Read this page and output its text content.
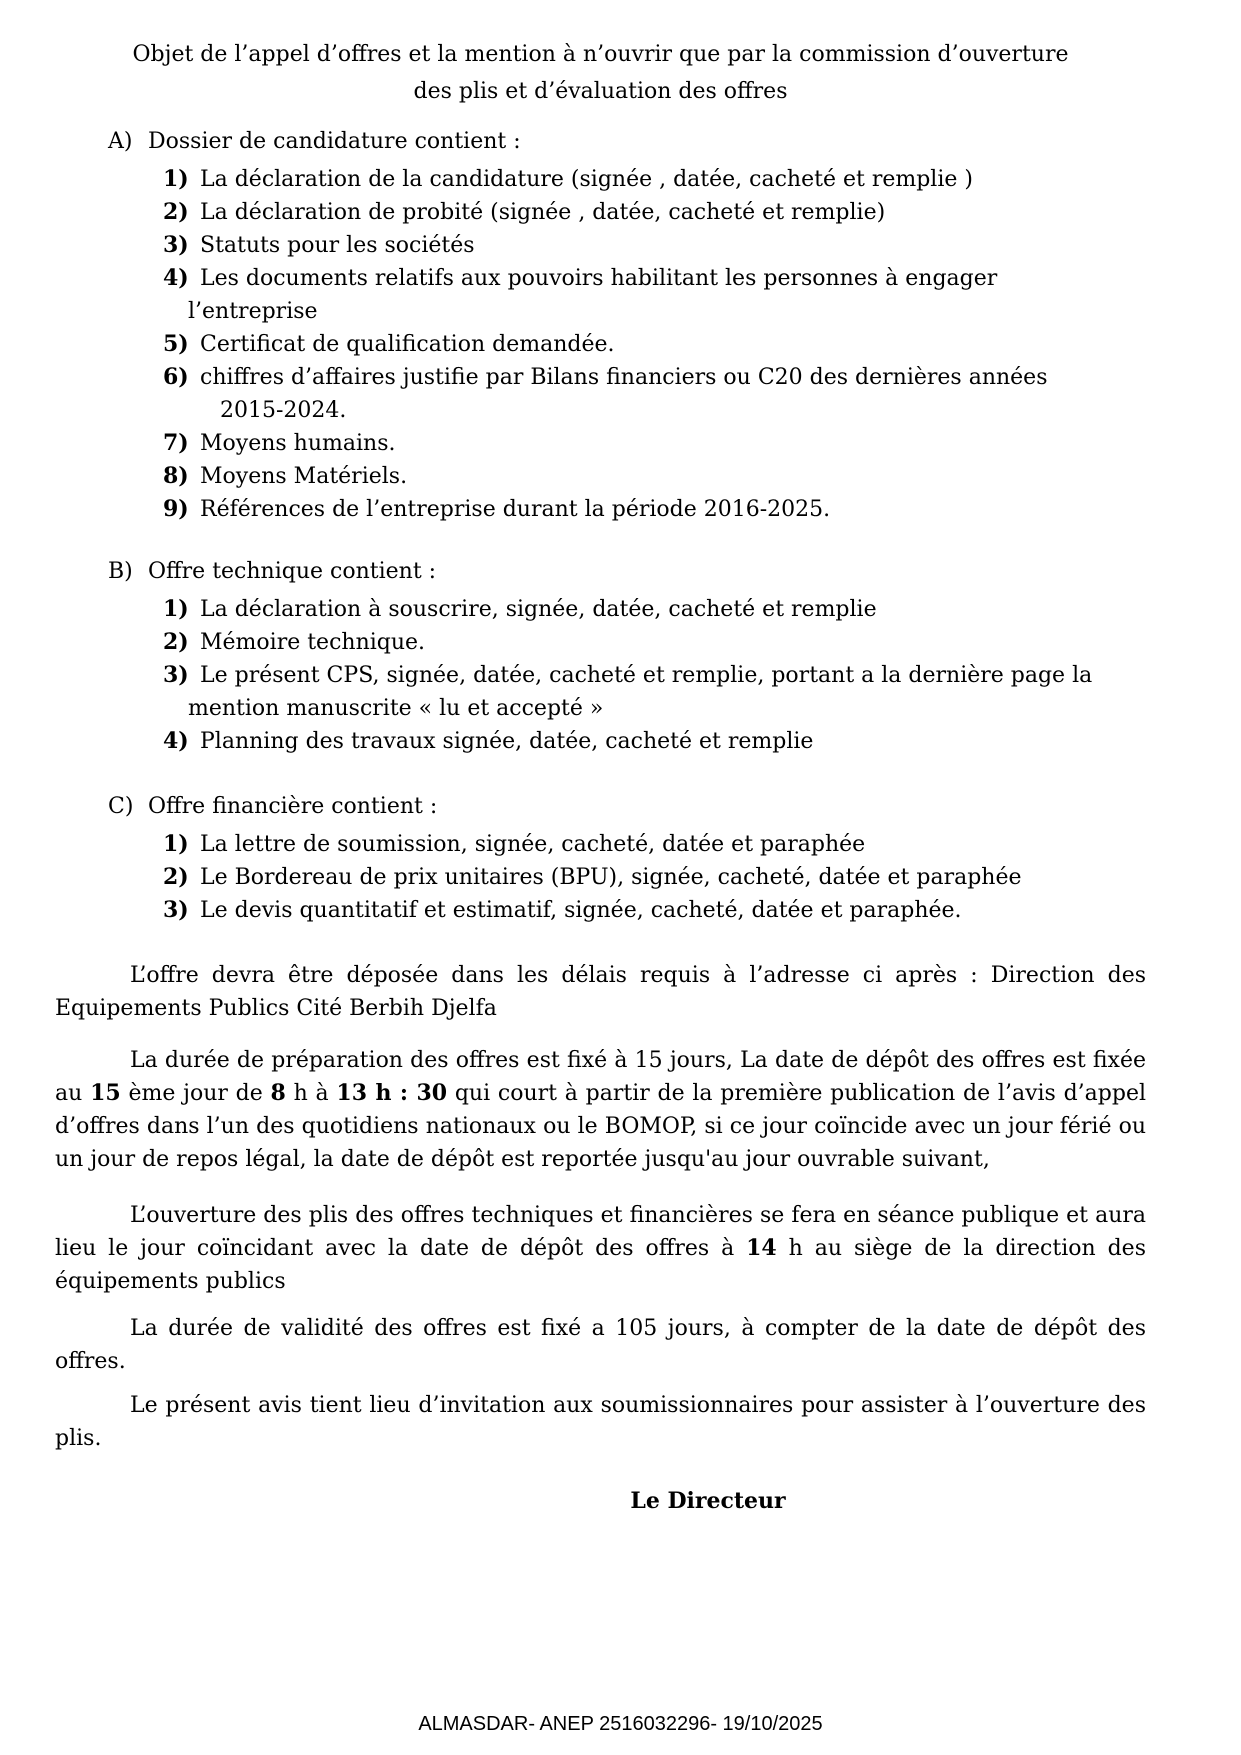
Objet de l’appel d’offres et la mention à n’ouvrir que par la commission d’ouverture
des plis et d’évaluation des offres
A) Dossier de candidature contient :
1) La déclaration de la candidature (signée , datée, cacheté et remplie )
2) La déclaration de probité (signée , datée, cacheté et remplie)
3) Statuts pour les sociétés
4) Les documents relatifs aux pouvoirs habilitant les personnes à engager
l’entreprise
5) Certificat de qualification demandée.
6) chiffres d’affaires justifie par Bilans financiers ou C20 des dernières années
2015-2024.
7) Moyens humains.
8) Moyens Matériels.
9) Références de l’entreprise durant la période 2016-2025.
B) Offre technique contient :
1) La déclaration à souscrire, signée, datée, cacheté et remplie
2) Mémoire technique.
3) Le présent CPS, signée, datée, cacheté et remplie, portant a la dernière page la
mention manuscrite « lu et accepté »
4) Planning des travaux signée, datée, cacheté et remplie
C) Offre financière contient :
1) La lettre de soumission, signée, cacheté, datée et paraphée
2) Le Bordereau de prix unitaires (BPU), signée, cacheté, datée et paraphée
3) Le devis quantitatif et estimatif, signée, cacheté, datée et paraphée.
L’offre devra être déposée dans les délais requis à l’adresse ci après : Direction des Equipements Publics Cité Berbih Djelfa
La durée de préparation des offres est fixé à 15 jours, La date de dépôt des offres est fixée au 15 ème jour de 8 h à 13 h : 30 qui court à partir de la première publication de l’avis d’appel d’offres dans l’un des quotidiens nationaux ou le BOMOP, si ce jour coïncide avec un jour férié ou un jour de repos légal, la date de dépôt est reportée jusqu'au jour ouvrable suivant,
L’ouverture des plis des offres techniques et financières se fera en séance publique et aura lieu le jour coïncidant avec la date de dépôt des offres à 14 h au siège de la direction des équipements publics
La durée de validité des offres est fixé a 105 jours, à compter de la date de dépôt des offres.
Le présent avis tient lieu d’invitation aux soumissionnaires pour assister à l’ouverture des plis.
Le Directeur
ALMASDAR- ANEP 2516032296- 19/10/2025
